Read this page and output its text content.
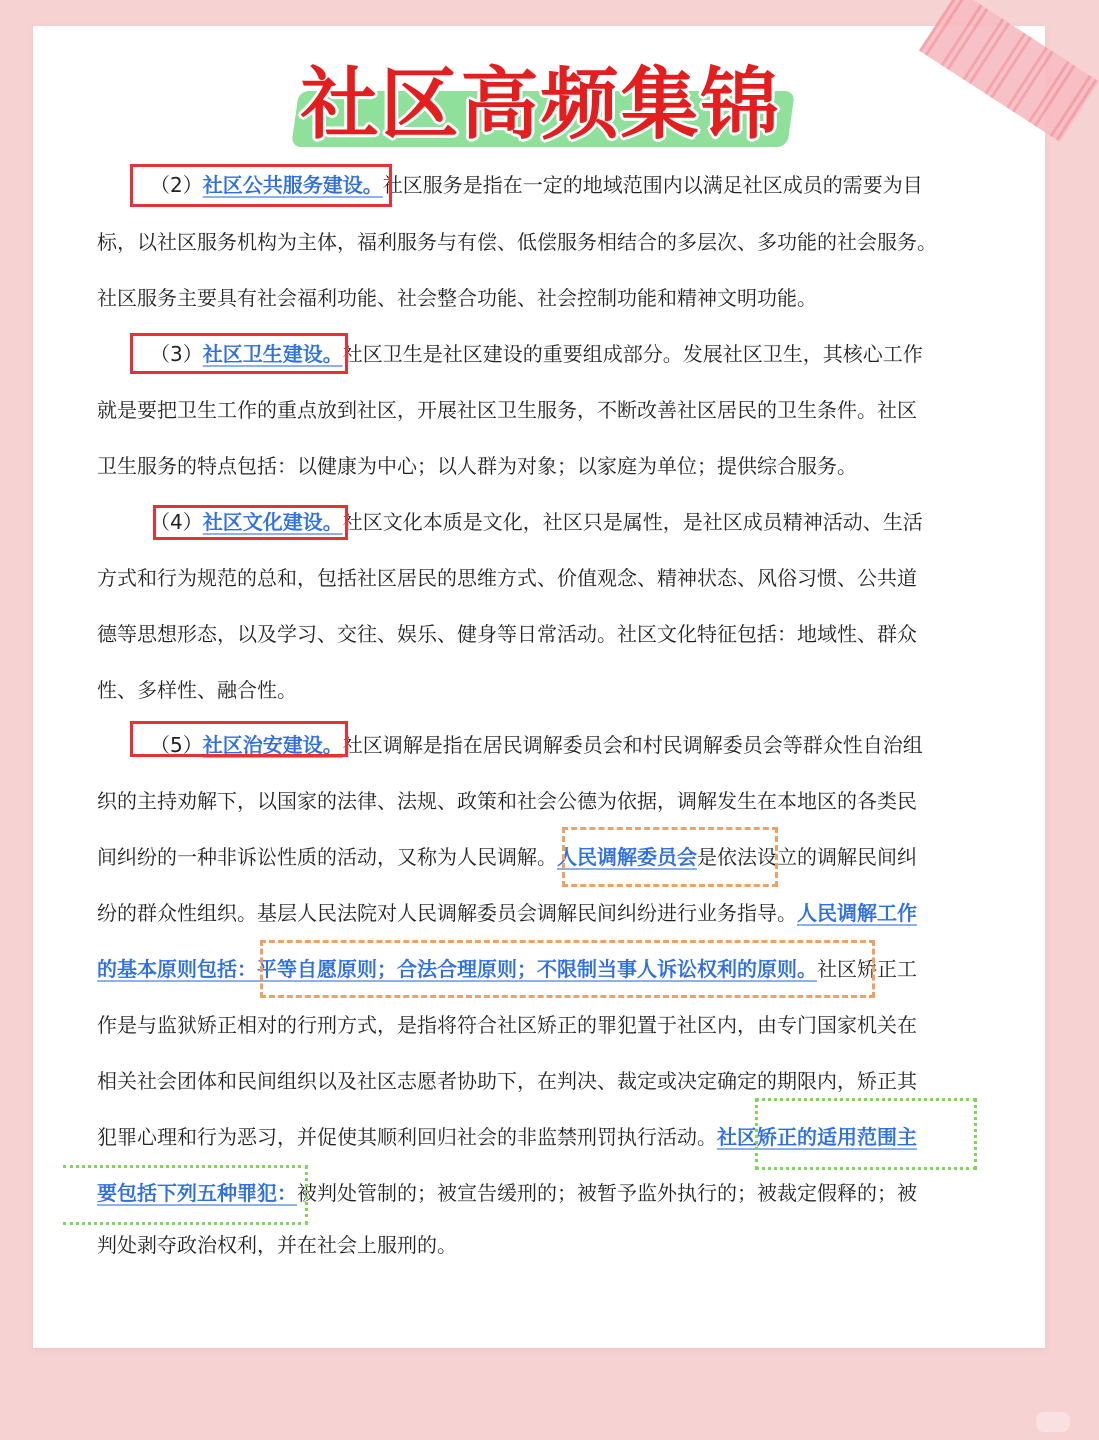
社区高频集锦
（2）社区公共服务建设。社区服务是指在一定的地域范围内以满足社区成员的需要为目
标，以社区服务机构为主体，福利服务与有偿、低偿服务相结合的多层次、多功能的社会服务。
社区服务主要具有社会福利功能、社会整合功能、社会控制功能和精神文明功能。
（3）社区卫生建设。社区卫生是社区建设的重要组成部分。发展社区卫生，其核心工作
就是要把卫生工作的重点放到社区，开展社区卫生服务，不断改善社区居民的卫生条件。社区
卫生服务的特点包括：以健康为中心；以人群为对象；以家庭为单位；提供综合服务。
（4）社区文化建设。社区文化本质是文化，社区只是属性，是社区成员精神活动、生活
方式和行为规范的总和，包括社区居民的思维方式、价值观念、精神状态、风俗习惯、公共道
德等思想形态，以及学习、交往、娱乐、健身等日常活动。社区文化特征包括：地域性、群众
性、多样性、融合性。
（5）社区治安建设。社区调解是指在居民调解委员会和村民调解委员会等群众性自治组
织的主持劝解下，以国家的法律、法规、政策和社会公德为依据，调解发生在本地区的各类民
间纠纷的一种非诉讼性质的活动，又称为人民调解。人民调解委员会是依法设立的调解民间纠
纷的群众性组织。基层人民法院对人民调解委员会调解民间纠纷进行业务指导。人民调解工作
的基本原则包括：平等自愿原则；合法合理原则；不限制当事人诉讼权利的原则。社区矫正工
作是与监狱矫正相对的行刑方式，是指将符合社区矫正的罪犯置于社区内，由专门国家机关在
相关社会团体和民间组织以及社区志愿者协助下，在判决、裁定或决定确定的期限内，矫正其
犯罪心理和行为恶习，并促使其顺利回归社会的非监禁刑罚执行活动。社区矫正的适用范围主
要包括下列五种罪犯：被判处管制的；被宣告缓刑的；被暂予监外执行的；被裁定假释的；被
